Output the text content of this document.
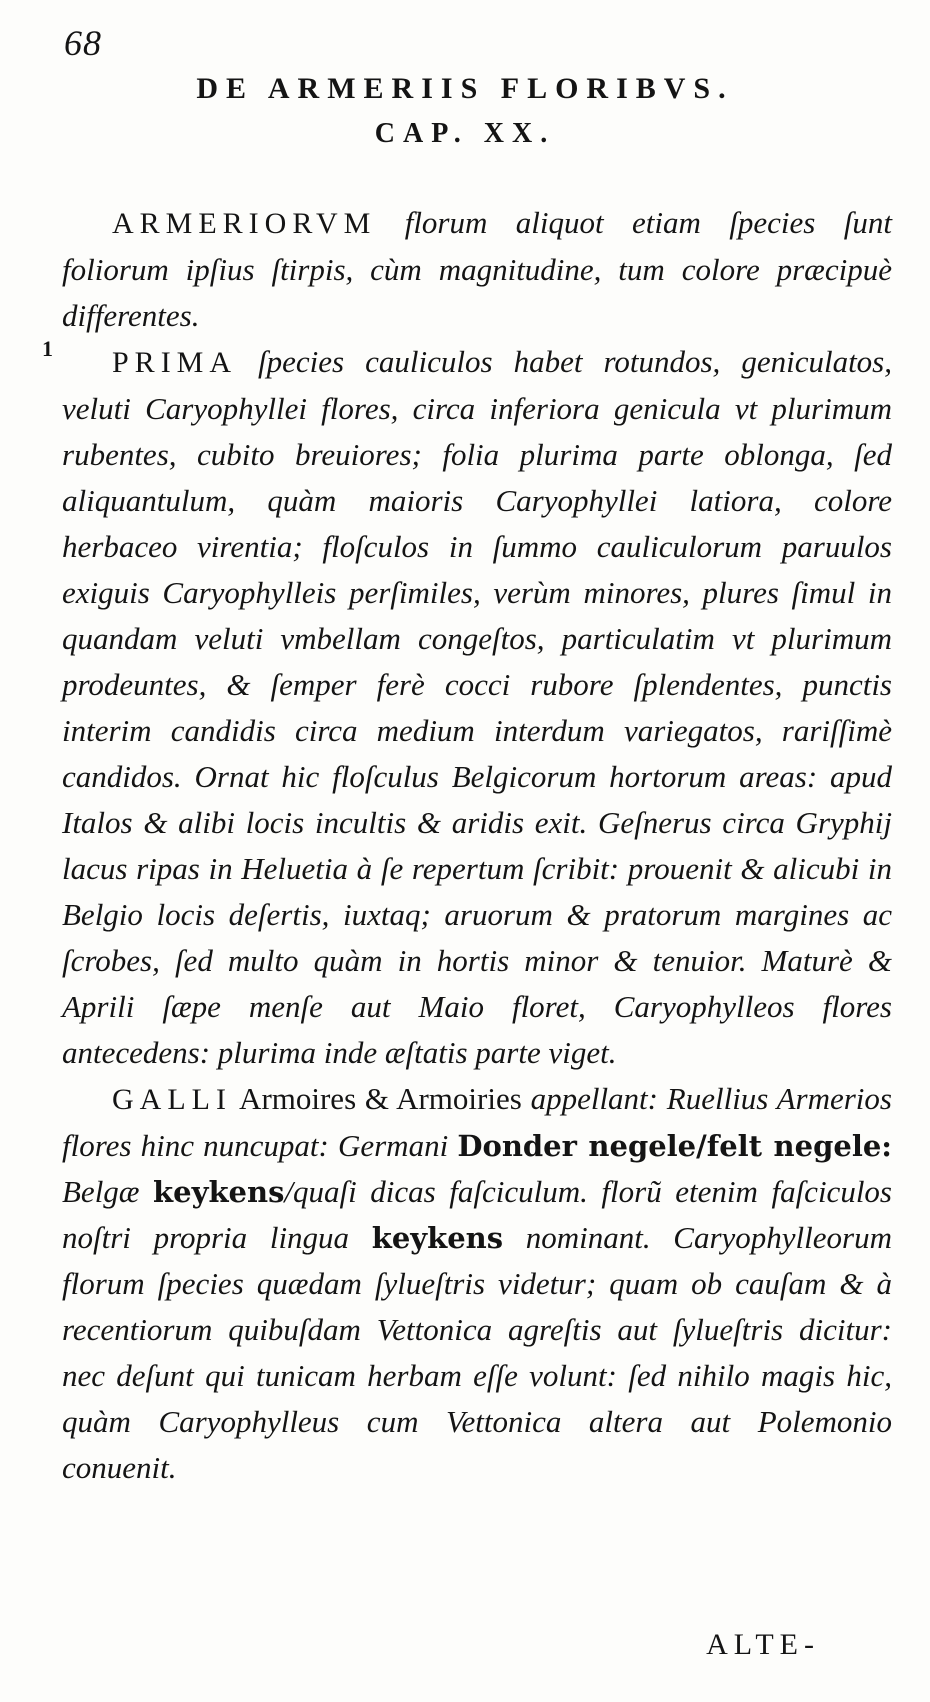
68
DE ARMERIIS FLORIBVS.
CAP. XX.
1

ARMERIORVM florum aliquot etiam ſpecies ſunt foliorum ipſius ſtirpis, cùm magnitudine, tum colore præcipuè differentes.

PRIMA ſpecies cauliculos habet rotundos, geniculatos, veluti Caryophyllei flores, circa inferiora genicula vt plurimum rubentes, cubito breuiores; folia plurima parte oblonga, ſed aliquantulum, quàm maioris Caryophyllei latiora, colore herbaceo virentia; floſculos in ſummo cauliculorum paruulos exiguis Caryophylleis perſimiles, verùm minores, plures ſimul in quandam veluti vmbellam congeſtos, particulatim vt plurimum prodeuntes, & ſemper ferè cocci rubore ſplendentes, punctis interim candidis circa medium interdum variegatos, rariſſimè candidos. Ornat hic floſculus Belgicorum hortorum areas: apud Italos & alibi locis incultis & aridis exit. Geſnerus circa Gryphij lacus ripas in Heluetia à ſe repertum ſcribit: prouenit & alicubi in Belgio locis deſertis, iuxtaq; aruorum & pratorum margines ac ſcrobes, ſed multo quàm in hortis minor & tenuior. Maturè & Aprili ſæpe menſe aut Maio floret, Caryophylleos flores antecedens: plurima inde æſtatis parte viget.

GALLI Armoires & Armoiries appellant: Ruellius Armerios flores hinc nuncupat: Germani Donder negele/felt negele: Belgæ keykens/quaſi dicas faſciculum. florũ etenim faſciculos noſtri propria lingua keykens nominant. Caryophylleorum florum ſpecies quædam ſylueſtris videtur; quam ob cauſam & à recentiorum quibuſdam Vettonica agreſtis aut ſylueſtris dicitur: nec deſunt qui tunicam herbam eſſe volunt: ſed nihilo magis hic, quàm Caryophylleus cum Vettonica altera aut Polemonio conuenit.

ALTE-
